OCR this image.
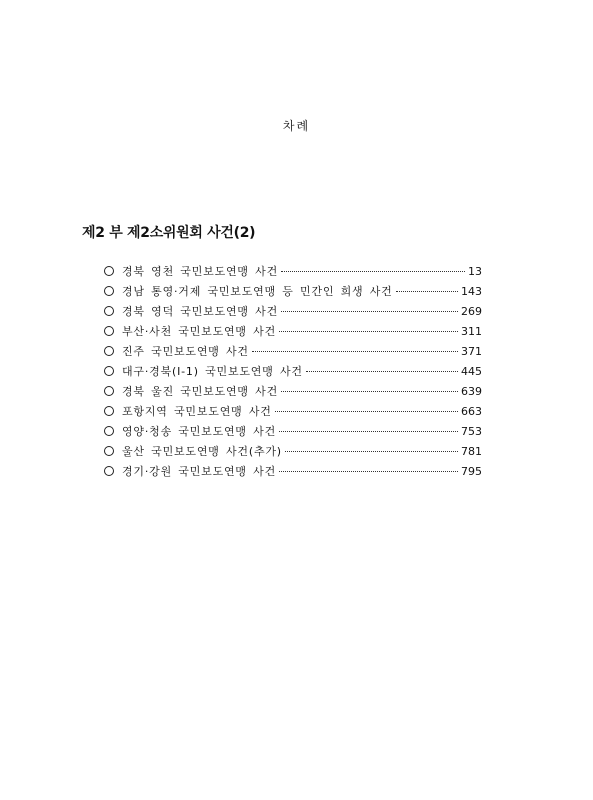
차례
제2 부 제2소위원회 사건(2)
경북 영천 국민보도연맹 사건	13
경남 통영·거제 국민보도연맹 등 민간인 희생 사건	143
경북 영덕 국민보도연맹 사건	269
부산·사천 국민보도연맹 사건	311
진주 국민보도연맹 사건	371
대구·경북(Ⅰ-1) 국민보도연맹 사건	445
경북 울진 국민보도연맹 사건	639
포항지역 국민보도연맹 사건	663
영양·청송 국민보도연맹 사건	753
울산 국민보도연맹 사건(추가)	781
경기·강원 국민보도연맹 사건	795
